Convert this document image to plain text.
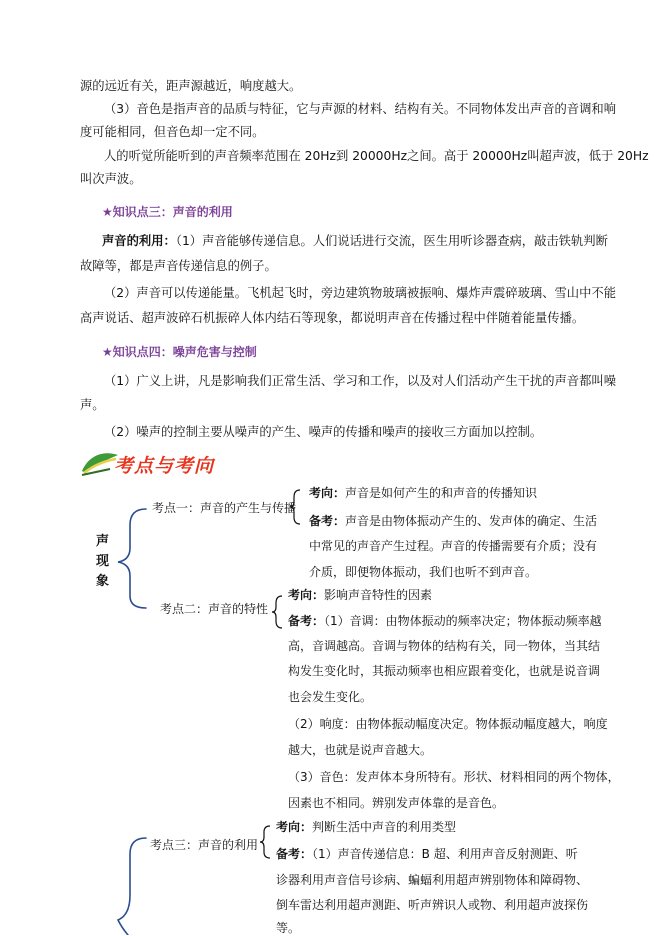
源的远近有关，距声源越近，响度越大。

（3）音色是指声音的品质与特征，它与声源的材料、结构有关。不同物体发出声音的音调和响

度可能相同，但音色却一定不同。

人的听觉所能听到的声音频率范围在 20Hz到 20000Hz之间。高于 20000Hz叫超声波，低于 20Hz

叫次声波。

★知识点三：声音的利用

声音的利用：（1）声音能够传递信息。人们说话进行交流，医生用听诊器查病，敲击铁轨判断

故障等，都是声音传递信息的例子。

（2）声音可以传递能量。飞机起飞时，旁边建筑物玻璃被振响、爆炸声震碎玻璃、雪山中不能

高声说话、超声波碎石机振碎人体内结石等现象，都说明声音在传播过程中伴随着能量传播。

★知识点四：噪声危害与控制

（1）广义上讲，凡是影响我们正常生活、学习和工作，以及对人们活动产生干扰的声音都叫噪

声。

（2）噪声的控制主要从噪声的产生、噪声的传播和噪声的接收三方面加以控制。

考点与考向
声现象
考点一：声音的产生与传播
考向：声音是如何产生的和声音的传播知识
备考：声音是由物体振动产生的、发声体的确定、生活
中常见的声音产生过程。声音的传播需要有介质；没有
介质，即便物体振动，我们也听不到声音。
考点二：声音的特性
考向：影响声音特性的因素
备考：（1）音调：由物体振动的频率决定；物体振动频率越
高，音调越高。音调与物体的结构有关，同一物体，当其结
构发生变化时，其振动频率也相应跟着变化，也就是说音调
也会发生变化。
（2）响度：由物体振动幅度决定。物体振动幅度越大，响度
越大，也就是说声音越大。
（3）音色：发声体本身所特有。形状、材料相同的两个物体，
因素也不相同。辨别发声体靠的是音色。
考点三：声音的利用
考向：判断生活中声音的利用类型
备考：（1）声音传递信息：B 超、利用声音反射测距、听
诊器利用声音信号诊病、蝙蝠利用超声辨别物体和障碍物、
倒车雷达利用超声测距、听声辨识人或物、利用超声波探伤
等。
